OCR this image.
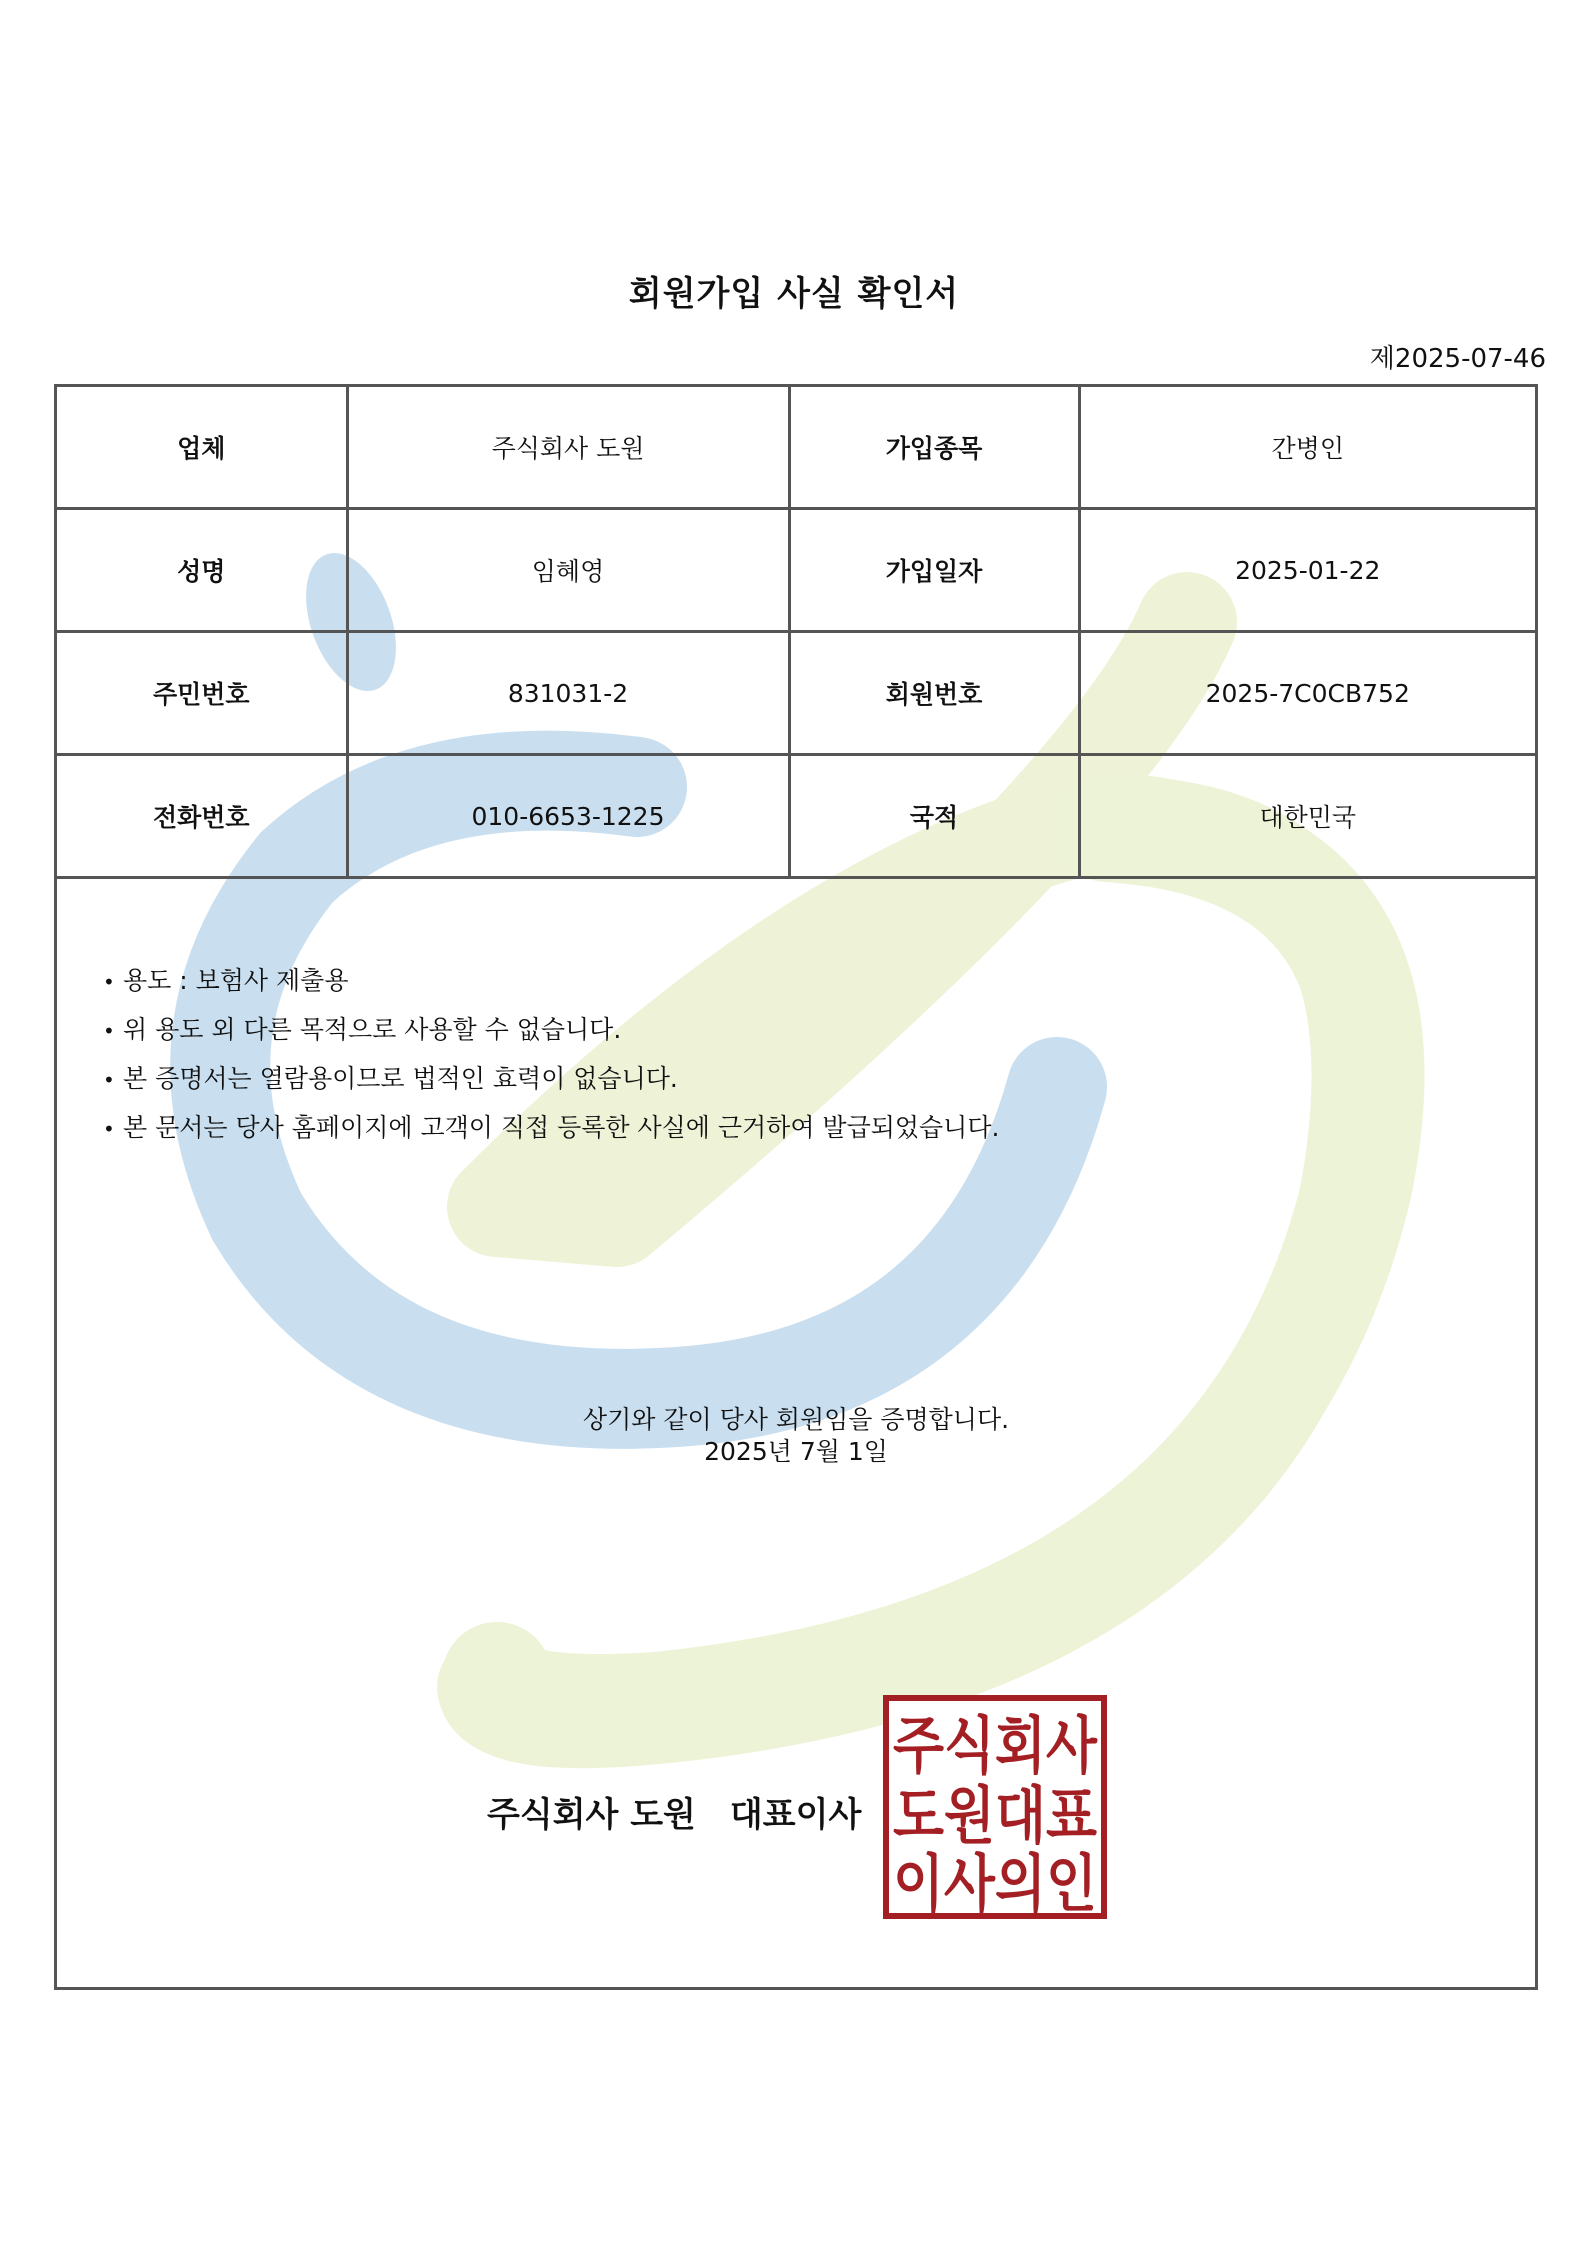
회원가입 사실 확인서
제2025-07-46
업체	주식회사 도원	가입종목	간병인
성명	임혜영	가입일자	2025-01-22
주민번호	831031-2	회원번호	2025-7C0CB752
전화번호	010-6653-1225	국적	대한민국
• 용도 : 보험사 제출용
• 위 용도 외 다른 목적으로 사용할 수 없습니다.
• 본 증명서는 열람용이므로 법적인 효력이 없습니다.
• 본 문서는 당사 홈페이지에 고객이 직접 등록한 사실에 근거하여 발급되었습니다.
상기와 같이 당사 회원임을 증명합니다.
2025년 7월 1일
주식회사 도원 대표이사
주식회사
도원대표
이사의인
